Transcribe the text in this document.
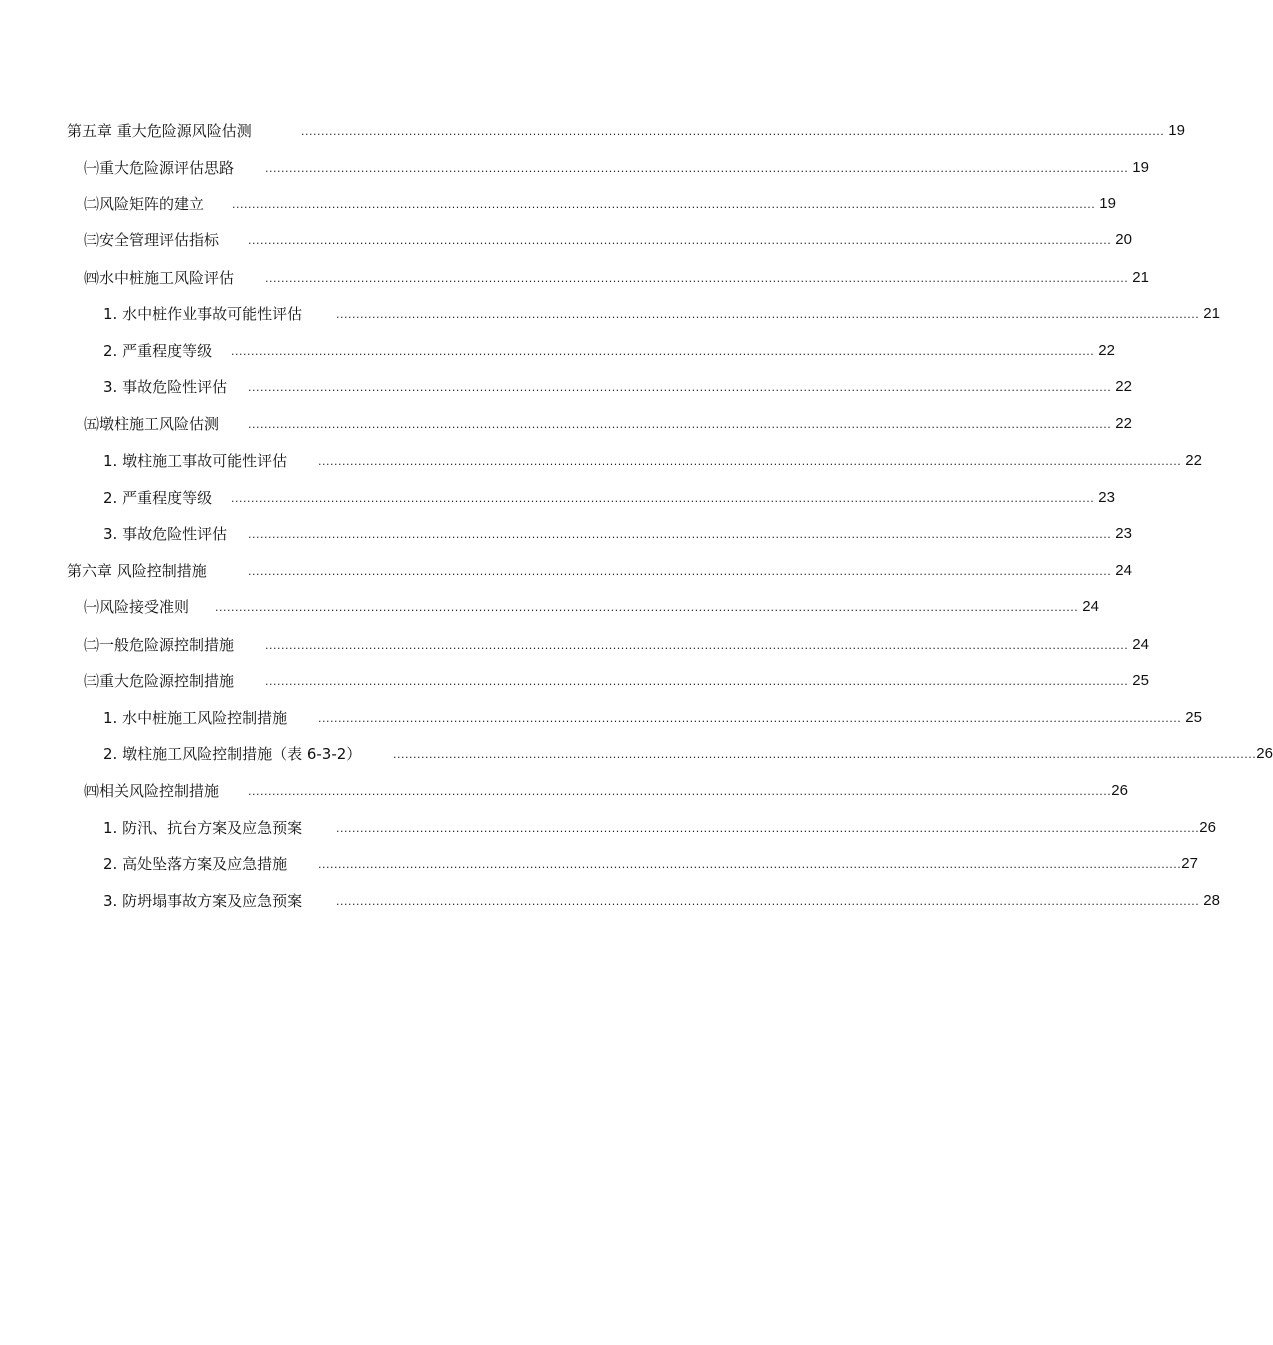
第五章 重大危险源风险估测	........................................................................................................................................................................................................................ 19
㈠重大危险源评估思路	........................................................................................................................................................................................................................ 19
㈡风险矩阵的建立	........................................................................................................................................................................................................................ 19
㈢安全管理评估指标	........................................................................................................................................................................................................................ 20
㈣水中桩施工风险评估	........................................................................................................................................................................................................................ 21
1. 水中桩作业事故可能性评估	........................................................................................................................................................................................................................ 21
2. 严重程度等级	........................................................................................................................................................................................................................ 22
3. 事故危险性评估	........................................................................................................................................................................................................................ 22
㈤墩柱施工风险估测	........................................................................................................................................................................................................................ 22
1. 墩柱施工事故可能性评估	........................................................................................................................................................................................................................ 22
2. 严重程度等级	........................................................................................................................................................................................................................ 23
3. 事故危险性评估	........................................................................................................................................................................................................................ 23
第六章 风险控制措施	........................................................................................................................................................................................................................ 24
㈠风险接受准则	........................................................................................................................................................................................................................ 24
㈡一般危险源控制措施	........................................................................................................................................................................................................................ 24
㈢重大危险源控制措施	........................................................................................................................................................................................................................ 25
1. 水中桩施工风险控制措施	........................................................................................................................................................................................................................ 25
2. 墩柱施工风险控制措施（表 6-3-2）	........................................................................................................................................................................................................................ 26
㈣相关风险控制措施	........................................................................................................................................................................................................................ 26
1. 防汛、抗台方案及应急预案	........................................................................................................................................................................................................................ 26
2. 高处坠落方案及应急措施	........................................................................................................................................................................................................................ 27
3. 防坍塌事故方案及应急预案	........................................................................................................................................................................................................................ 28
